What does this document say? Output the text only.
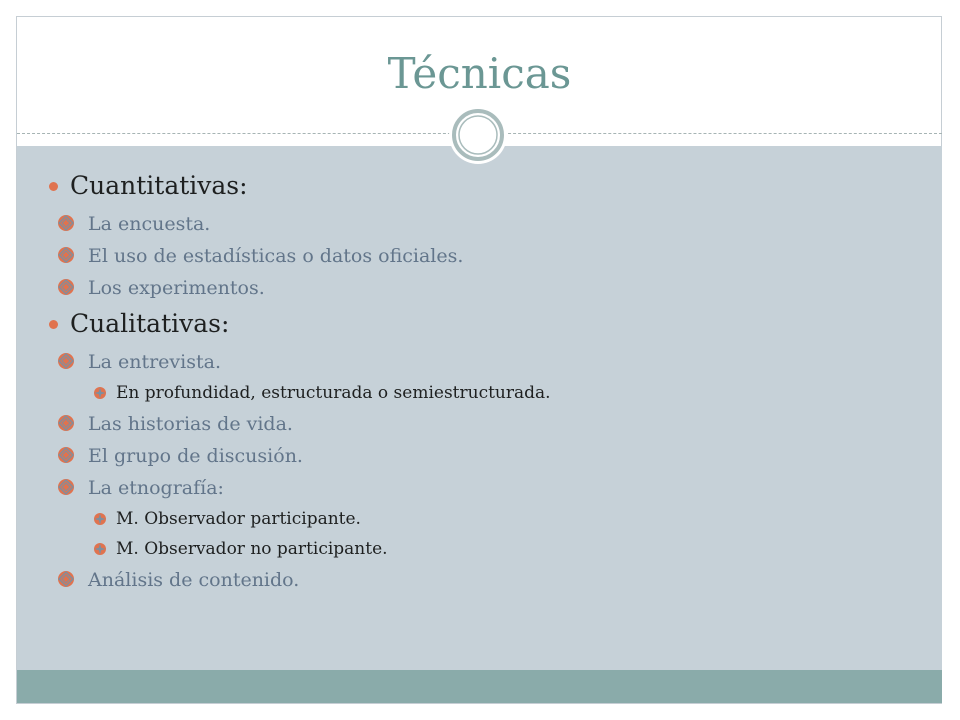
Técnicas
Cuantitativas:
La encuesta.
El uso de estadísticas o datos oficiales.
Los experimentos.
Cualitativas:
La entrevista.
En profundidad, estructurada o semiestructurada.
Las historias de vida.
El grupo de discusión.
La etnografía:
M. Observador participante.
M. Observador no participante.
Análisis de contenido.
